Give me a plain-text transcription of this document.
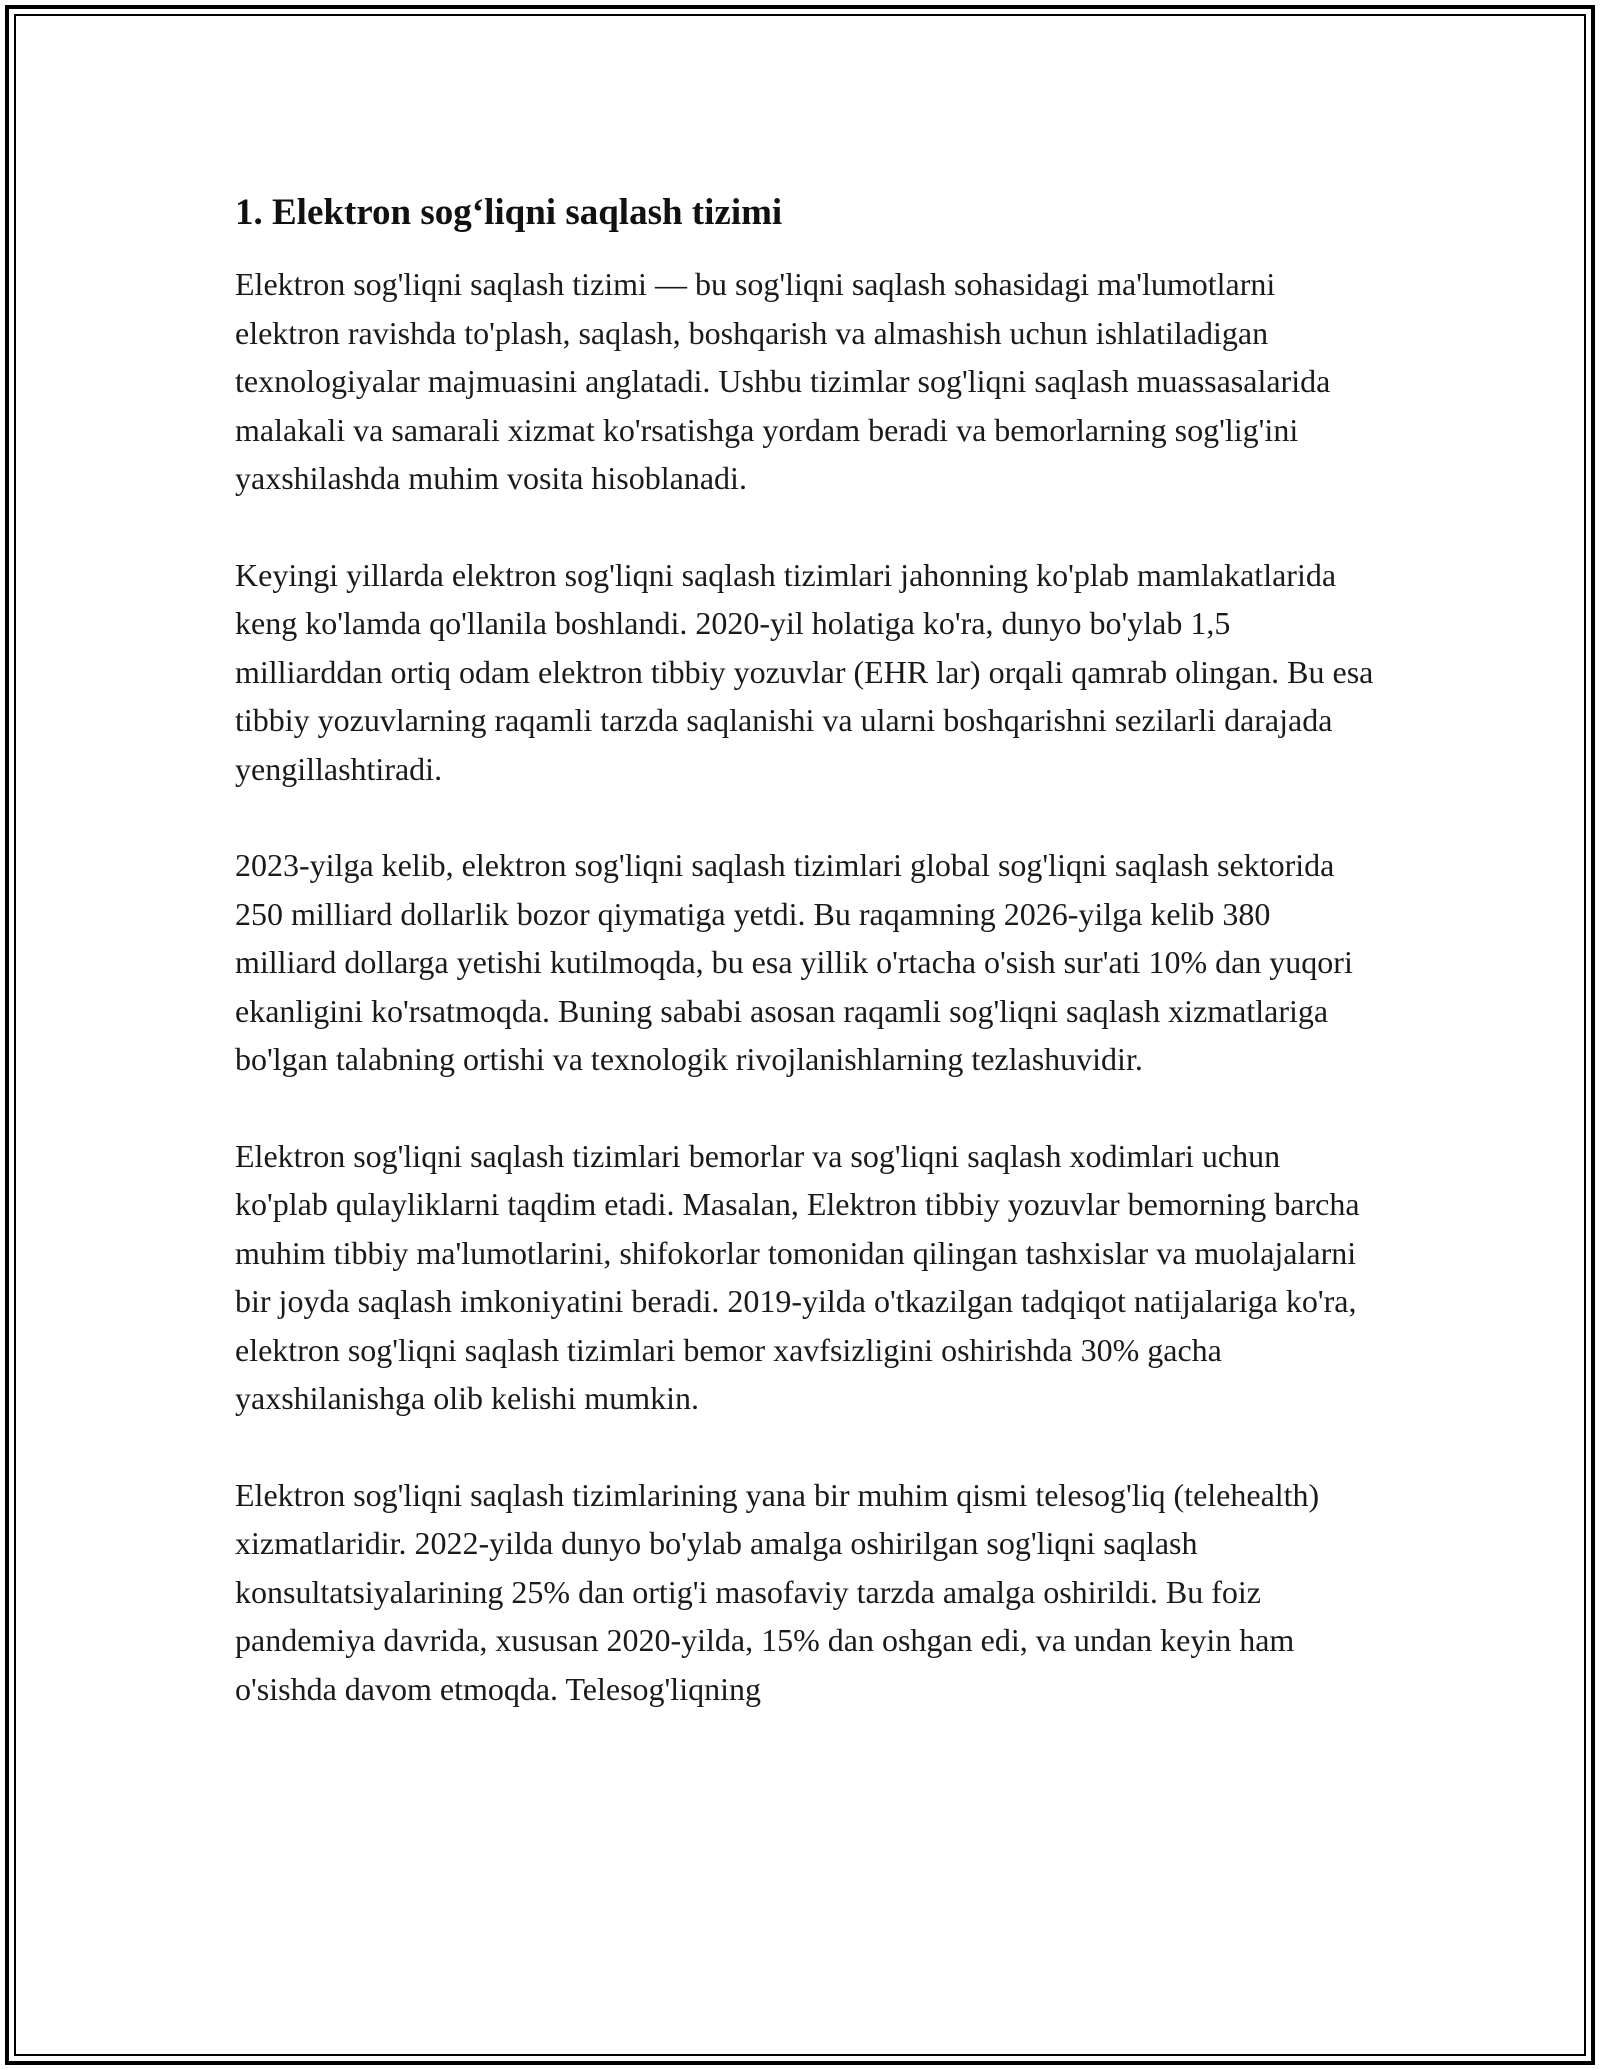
1. Elektron sog‘liqni saqlash tizimi

Elektron sog'liqni saqlash tizimi — bu sog'liqni saqlash sohasidagi ma'lumotlarni elektron ravishda to'plash, saqlash, boshqarish va almashish uchun ishlatiladigan texnologiyalar majmuasini anglatadi. Ushbu tizimlar sog'liqni saqlash muassasalarida malakali va samarali xizmat ko'rsatishga yordam beradi va bemorlarning sog'lig'ini yaxshilashda muhim vosita hisoblanadi.

Keyingi yillarda elektron sog'liqni saqlash tizimlari jahonning ko'plab mamlakatlarida keng ko'lamda qo'llanila boshlandi. 2020-yil holatiga ko'ra, dunyo bo'ylab 1,5 milliarddan ortiq odam elektron tibbiy yozuvlar (EHR lar) orqali qamrab olingan. Bu esa tibbiy yozuvlarning raqamli tarzda saqlanishi va ularni boshqarishni sezilarli darajada yengillashtiradi.

2023-yilga kelib, elektron sog'liqni saqlash tizimlari global sog'liqni saqlash sektorida 250 milliard dollarlik bozor qiymatiga yetdi. Bu raqamning 2026-yilga kelib 380 milliard dollarga yetishi kutilmoqda, bu esa yillik o'rtacha o'sish sur'ati 10% dan yuqori ekanligini ko'rsatmoqda. Buning sababi asosan raqamli sog'liqni saqlash xizmatlariga bo'lgan talabning ortishi va texnologik rivojlanishlarning tezlashuvidir.

Elektron sog'liqni saqlash tizimlari bemorlar va sog'liqni saqlash xodimlari uchun ko'plab qulayliklarni taqdim etadi. Masalan, Elektron tibbiy yozuvlar bemorning barcha muhim tibbiy ma'lumotlarini, shifokorlar tomonidan qilingan tashxislar va muolajalarni bir joyda saqlash imkoniyatini beradi. 2019-yilda o'tkazilgan tadqiqot natijalariga ko'ra, elektron sog'liqni saqlash tizimlari bemor xavfsizligini oshirishda 30% gacha yaxshilanishga olib kelishi mumkin.

Elektron sog'liqni saqlash tizimlarining yana bir muhim qismi telesog'liq (telehealth) xizmatlaridir. 2022-yilda dunyo bo'ylab amalga oshirilgan sog'liqni saqlash konsultatsiyalarining 25% dan ortig'i masofaviy tarzda amalga oshirildi. Bu foiz pandemiya davrida, xususan 2020-yilda, 15% dan oshgan edi, va undan keyin ham o'sishda davom etmoqda. Telesog'liqning
